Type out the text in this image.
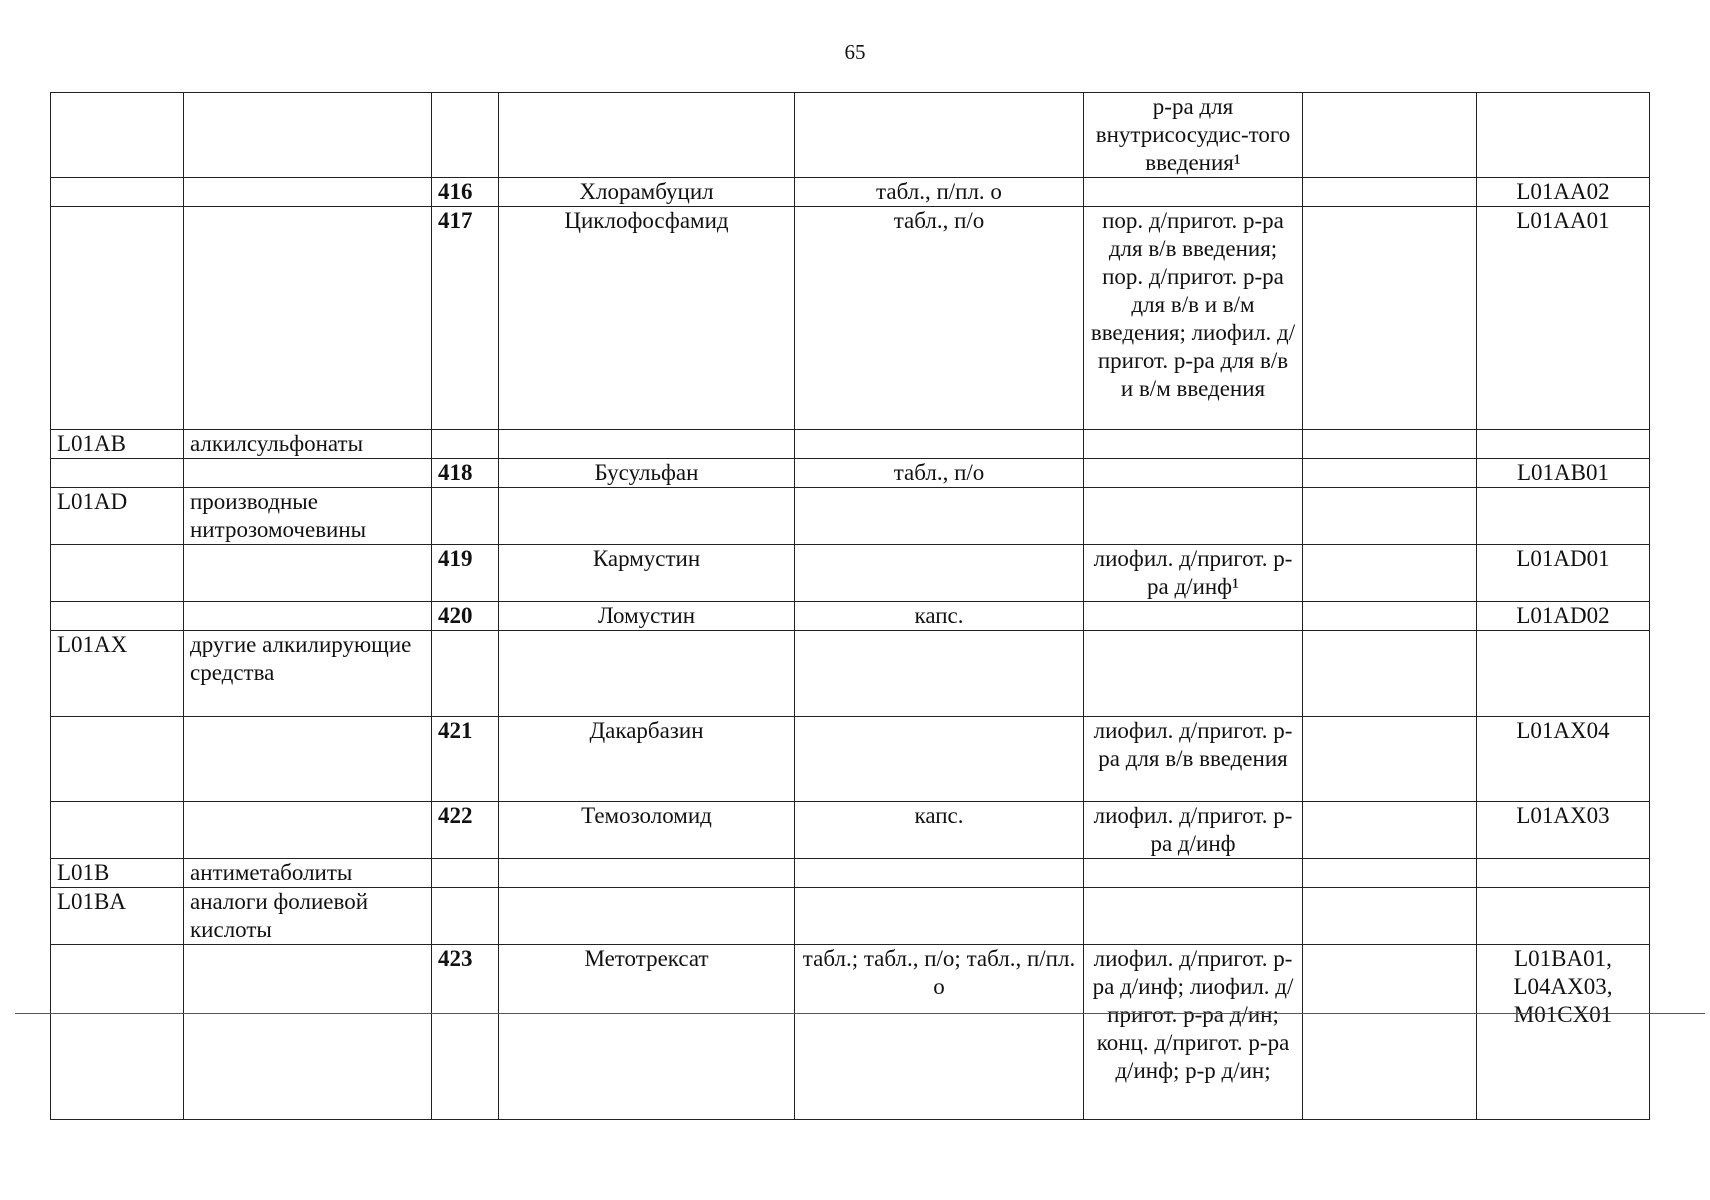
65
					р-ра для внутрисосудис-того введения¹		
		416	Хлорамбуцил	табл., п/пл. о			L01AA02
		417	Циклофосфамид	табл., п/о	пор. д/пригот. р-ра для в/в введения; пор. д/пригот. р-ра для в/в и в/м введения; лиофил. д/пригот. р-ра для в/в и в/м введения		L01AA01
L01AB	алкилсульфонаты						
		418	Бусульфан	табл., п/о			L01AB01
L01AD	производные нитрозомочевины						
		419	Кармустин		лиофил. д/пригот. р-ра д/инф¹		L01AD01
		420	Ломустин	капс.			L01AD02
L01AX	другие алкилирующие средства						
		421	Дакарбазин		лиофил. д/пригот. р-ра для в/в введения		L01AX04
		422	Темозоломид	капс.	лиофил. д/пригот. р-ра д/инф		L01AX03
L01B	антиметаболиты						
L01BA	аналоги фолиевой кислоты						
		423	Метотрексат	табл.; табл., п/о; табл., п/пл. о	лиофил. д/пригот. р-ра д/инф; лиофил. д/пригот. р-ра д/ин; конц. д/пригот. р-ра д/инф; р-р д/ин;		L01BA01, L04AX03, M01CX01
